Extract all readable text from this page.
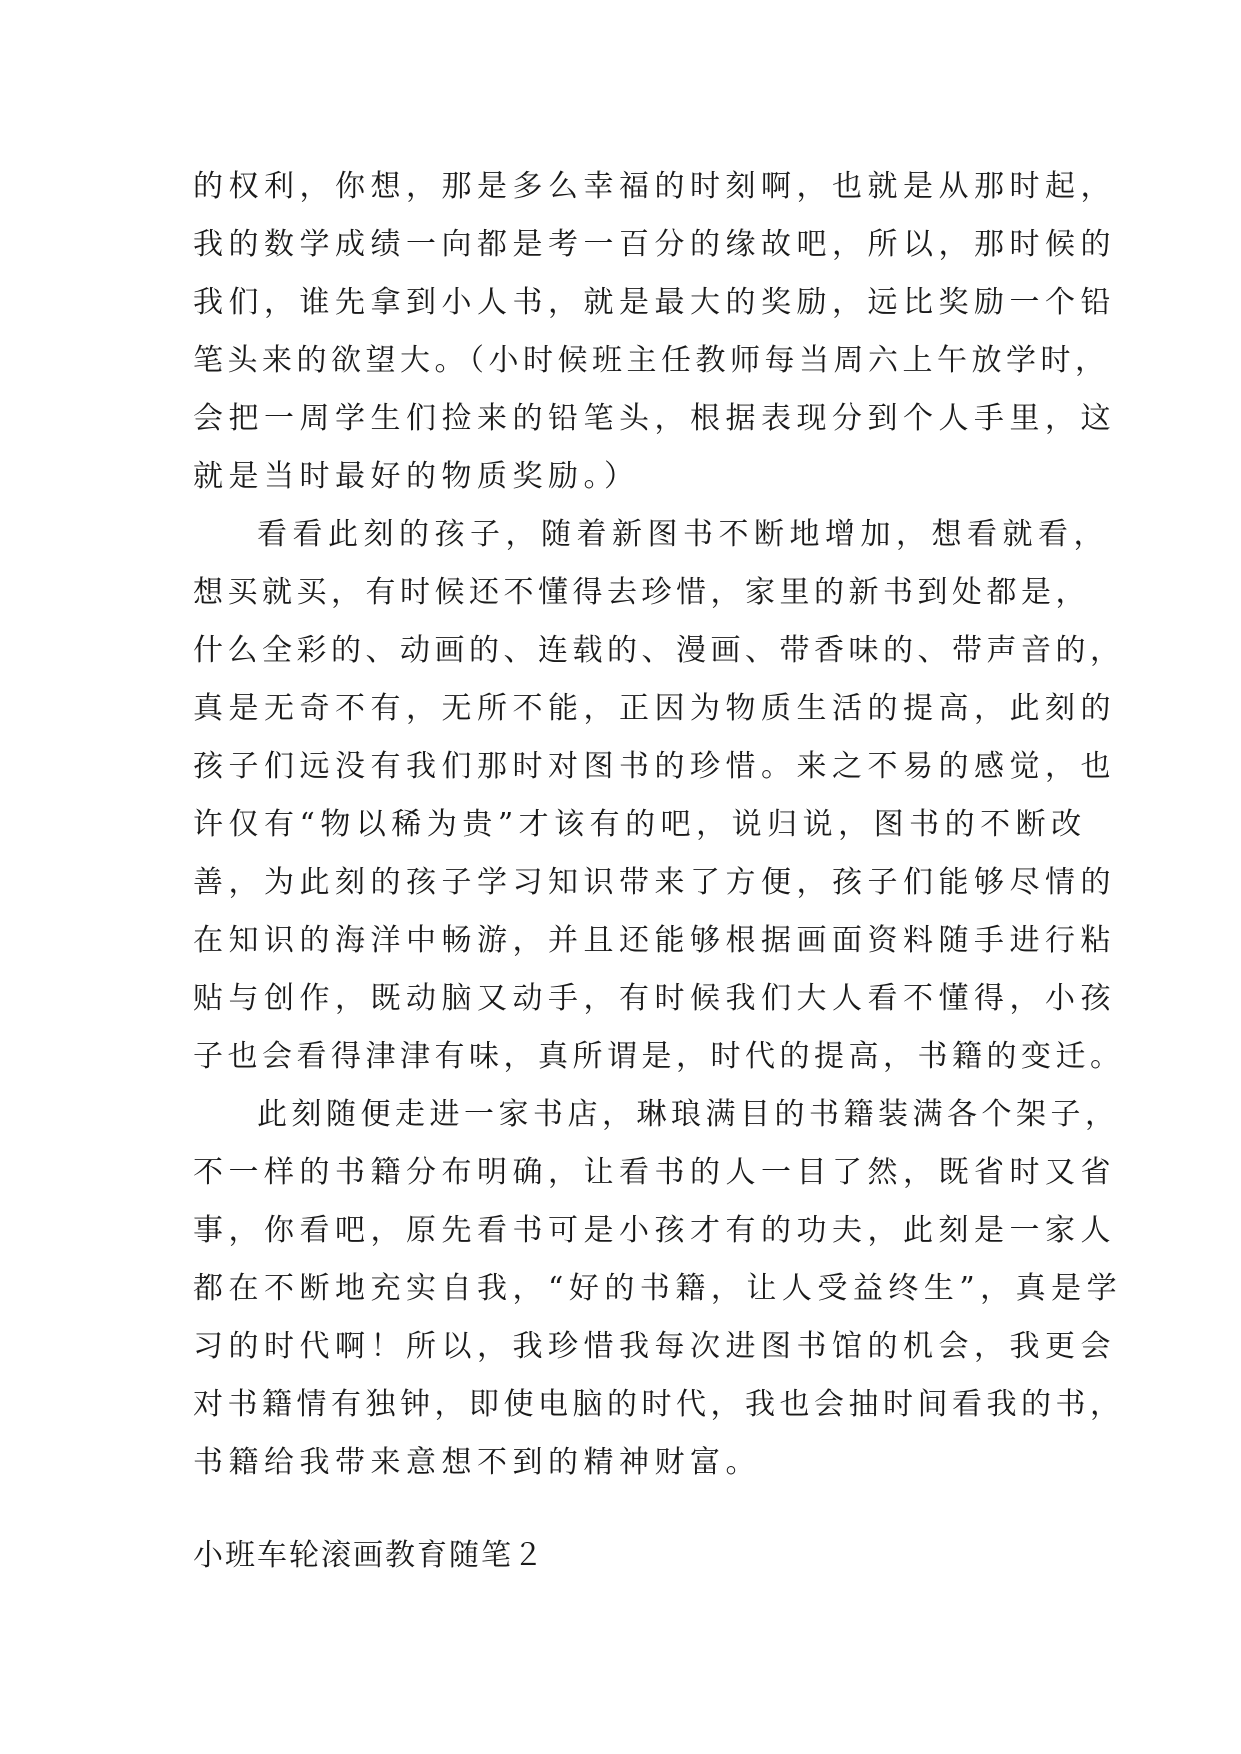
的权利，你想，那是多么幸福的时刻啊，也就是从那时起，
我的数学成绩一向都是考一百分的缘故吧，所以，那时候的
我们，谁先拿到小人书，就是最大的奖励，远比奖励一个铅
笔头来的欲望大。（小时候班主任教师每当周六上午放学时，
会把一周学生们捡来的铅笔头，根据表现分到个人手里，这
就是当时最好的物质奖励。）
看看此刻的孩子，随着新图书不断地增加，想看就看，
想买就买，有时候还不懂得去珍惜，家里的新书到处都是，
什么全彩的、动画的、连载的、漫画、带香味的、带声音的，
真是无奇不有，无所不能，正因为物质生活的提高，此刻的
孩子们远没有我们那时对图书的珍惜。来之不易的感觉，也
许仅有“物以稀为贵”才该有的吧，说归说，图书的不断改
善，为此刻的孩子学习知识带来了方便，孩子们能够尽情的
在知识的海洋中畅游，并且还能够根据画面资料随手进行粘
贴与创作，既动脑又动手，有时候我们大人看不懂得，小孩
子也会看得津津有味，真所谓是，时代的提高，书籍的变迁。
此刻随便走进一家书店，琳琅满目的书籍装满各个架子，
不一样的书籍分布明确，让看书的人一目了然，既省时又省
事，你看吧，原先看书可是小孩才有的功夫，此刻是一家人
都在不断地充实自我，“好的书籍，让人受益终生”，真是学
习的时代啊！所以，我珍惜我每次进图书馆的机会，我更会
对书籍情有独钟，即使电脑的时代，我也会抽时间看我的书，
书籍给我带来意想不到的精神财富。
小班车轮滚画教育随笔２
